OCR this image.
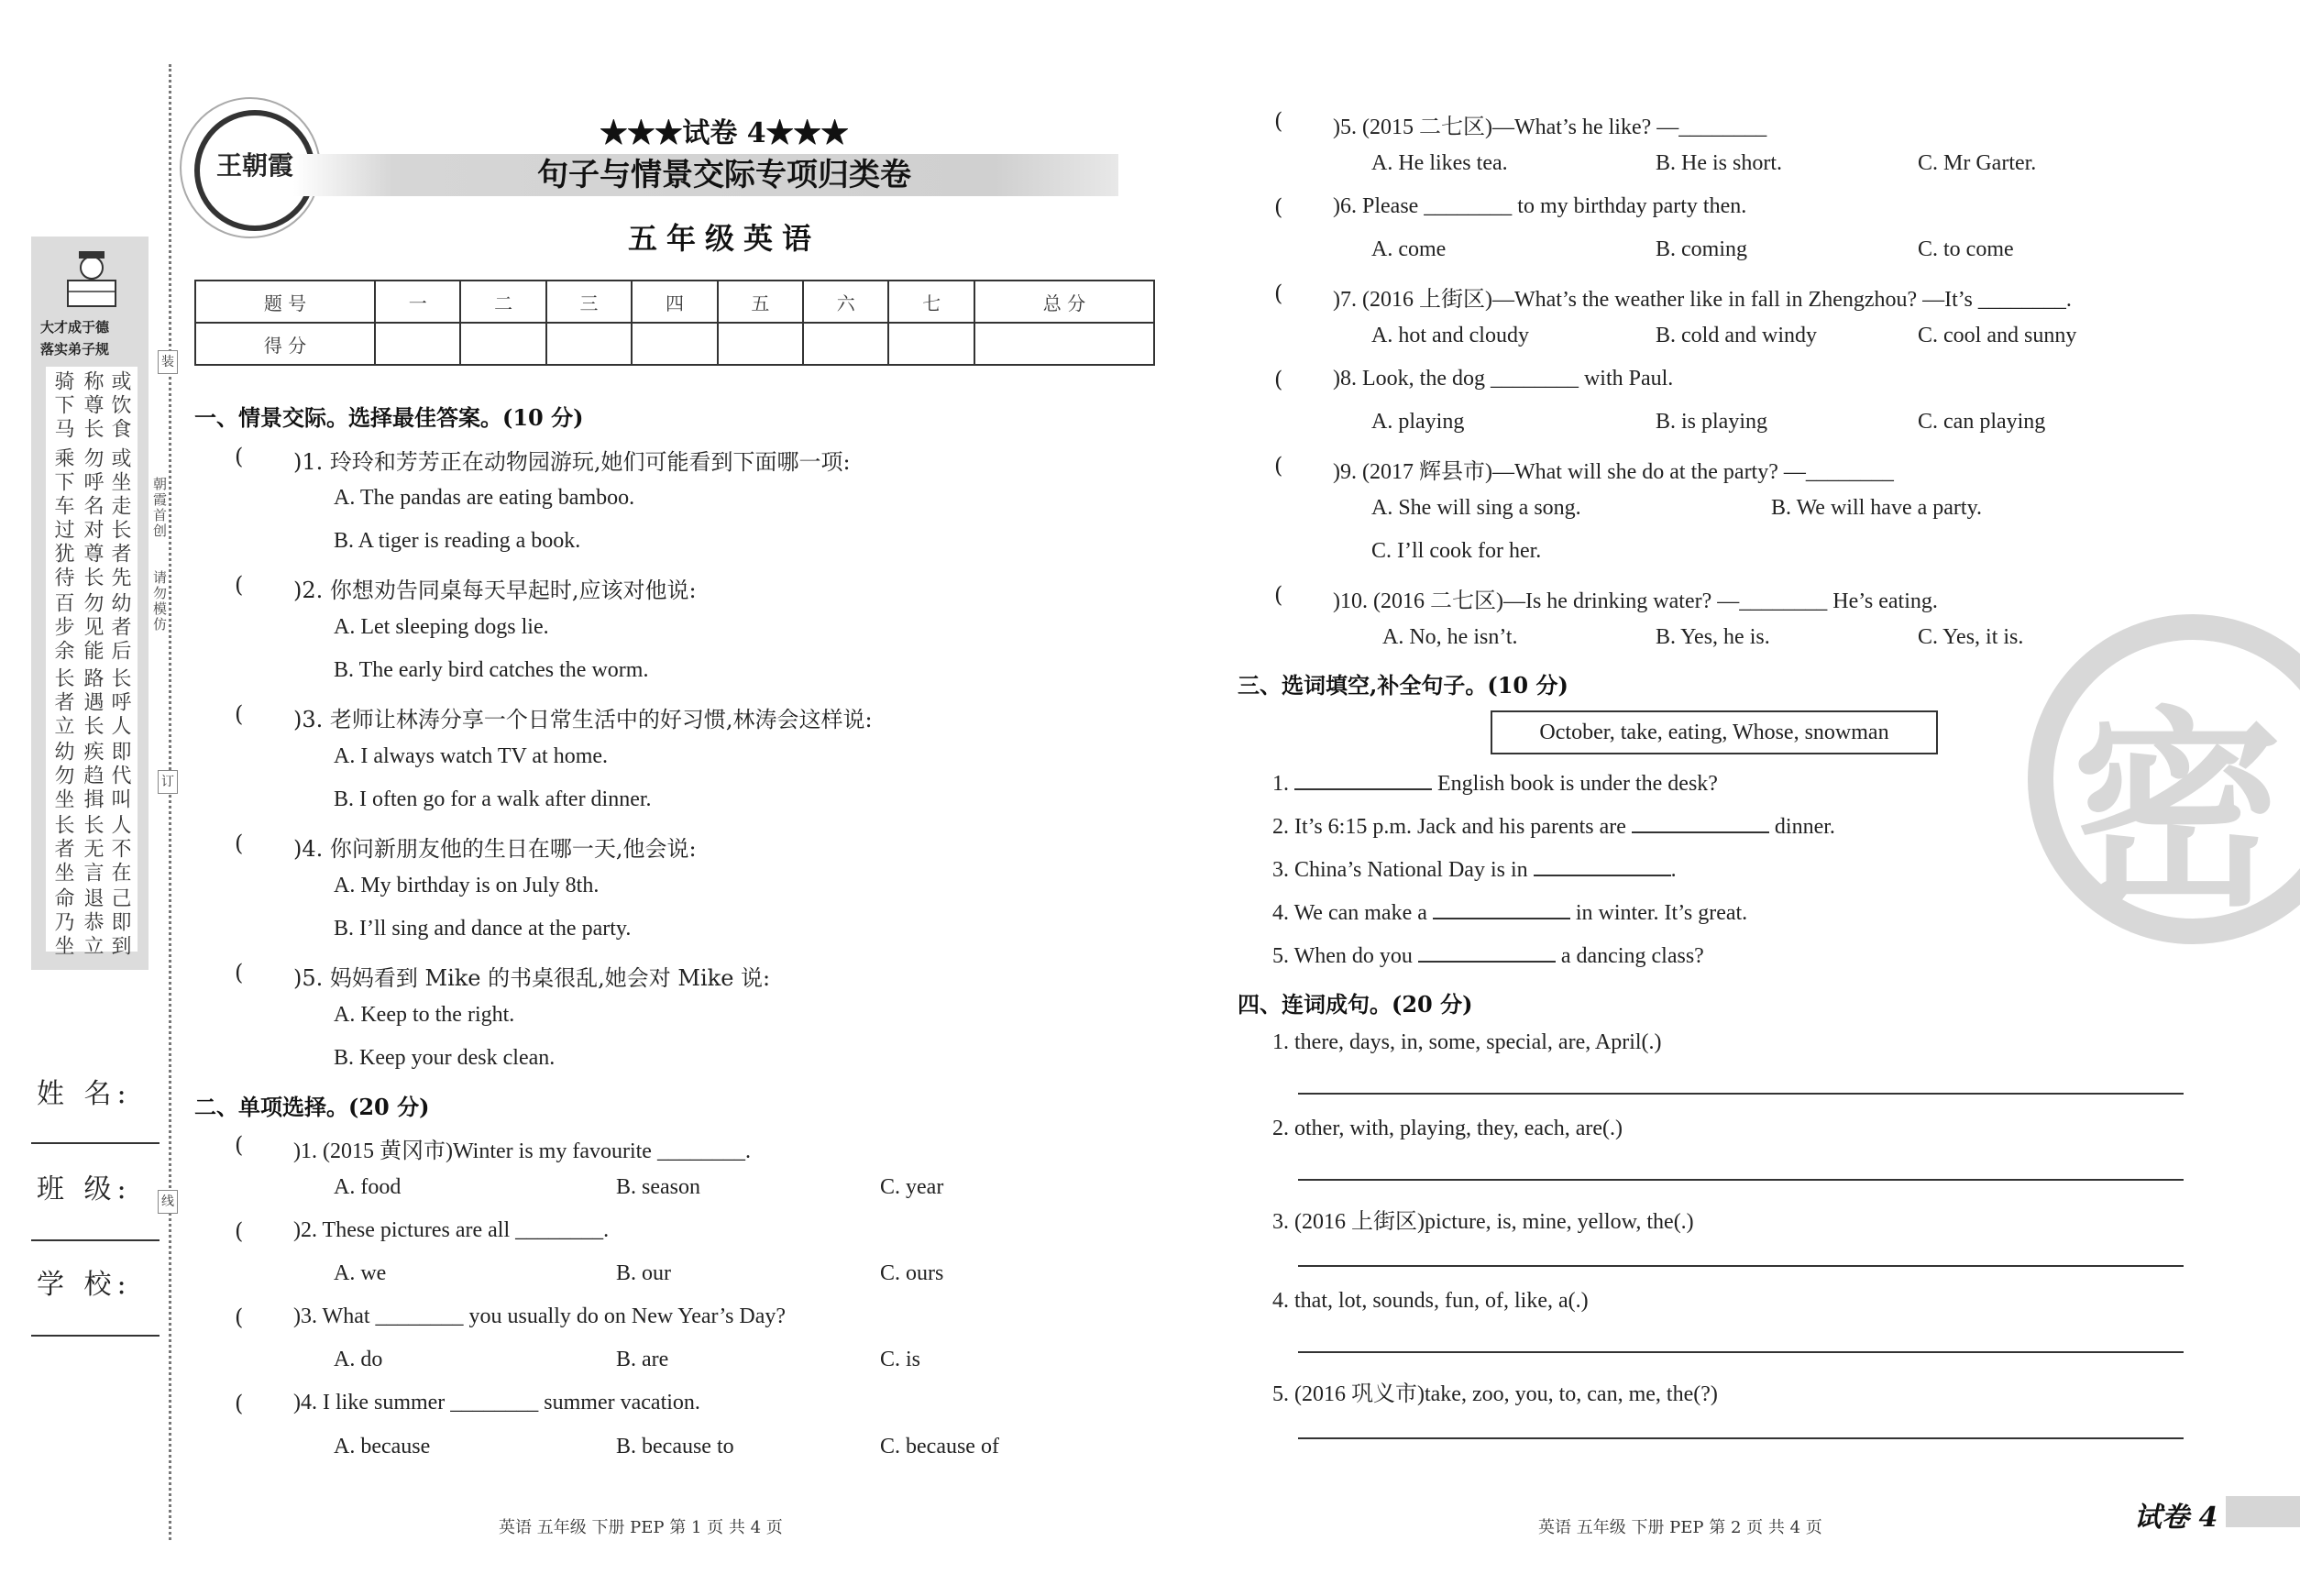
大才成于德
落实弟子规
骑下马 称尊长 或饮食
乘下车 勿呼名 或坐走
过犹待 对尊长 长者先
百步余 勿见能 幼者后
长者立 路遇长 长呼人
幼勿坐 疾趋揖 即代叫
长者坐 长无言 人不在
命乃坐 退恭立 己即到
装
订
线
朝霞首创
请勿模仿
姓 名:
班 级:
学 校:
王朝霞
★★★试卷 4★★★
句子与情景交际专项归类卷
五年级英语
题 号	一	二	三	四	五	六	七	总 分
得 分								
一、情景交际。选择最佳答案。(10 分)
( )1. 玲玲和芳芳正在动物园游玩,她们可能看到下面哪一项:
A. The pandas are eating bamboo.
B. A tiger is reading a book.
( )2. 你想劝告同桌每天早起时,应该对他说:
A. Let sleeping dogs lie.
B. The early bird catches the worm.
( )3. 老师让林涛分享一个日常生活中的好习惯,林涛会这样说:
A. I always watch TV at home.
B. I often go for a walk after dinner.
( )4. 你问新朋友他的生日在哪一天,他会说:
A. My birthday is on July 8th.
B. I’ll sing and dance at the party.
( )5. 妈妈看到 Mike 的书桌很乱,她会对 Mike 说:
A. Keep to the right.
B. Keep your desk clean.
二、单项选择。(20 分)
( )1. (2015 黄冈市)Winter is my favourite ________.
A. food	B. season	C. year
( )2. These pictures are all ________.
A. we	B. our	C. ours
( )3. What ________ you usually do on New Year’s Day?
A. do	B. are	C. is
( )4. I like summer ________ summer vacation.
A. because	B. because to	C. because of
英语 五年级 下册 PEP 第 1 页 共 4 页
( )5. (2015 二七区)—What’s he like? —________
A. He likes tea.	B. He is short.	C. Mr Garter.
( )6. Please ________ to my birthday party then.
A. come	B. coming	C. to come
( )7. (2016 上街区)—What’s the weather like in fall in Zhengzhou? —It’s ________.
A. hot and cloudy	B. cold and windy	C. cool and sunny
( )8. Look, the dog ________ with Paul.
A. playing	B. is playing	C. can playing
( )9. (2017 辉县市)—What will she do at the party? —________
A. She will sing a song.	B. We will have a party.
C. I’ll cook for her.
( )10. (2016 二七区)—Is he drinking water? —________ He’s eating.
A. No, he isn’t.	B. Yes, he is.	C. Yes, it is.
密
三、选词填空,补全句子。(10 分)
October, take, eating, Whose, snowman
1.	English book is under the desk?
2. It’s 6:15 p.m. Jack and his parents are	dinner.
3. China’s National Day is in	.
4. We can make a	in winter. It’s great.
5. When do you	a dancing class?
四、连词成句。(20 分)
1. there, days, in, some, special, are, April(.)
2. other, with, playing, they, each, are(.)
3. (2016 上街区)picture, is, mine, yellow, the(.)
4. that, lot, sounds, fun, of, like, a(.)
5. (2016 巩义市)take, zoo, you, to, can, me, the(?)
英语 五年级 下册 PEP 第 2 页 共 4 页	试卷 4
